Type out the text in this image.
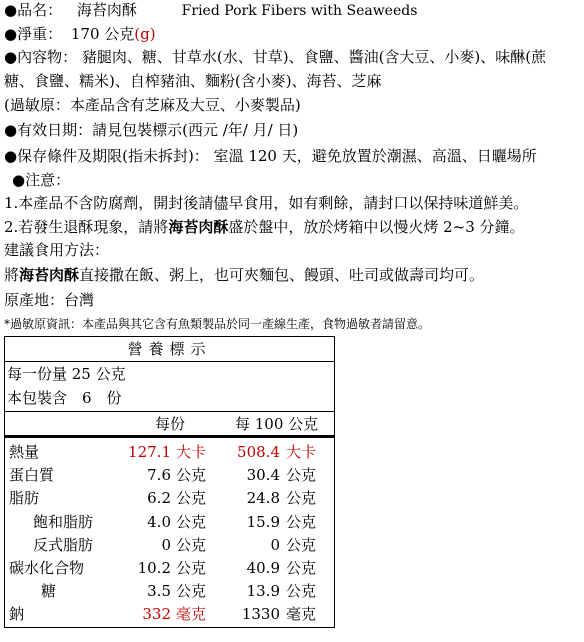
●品名： 海苔肉酥	Fried Pork Fibers with Seaweeds
●淨重： 170 公克(g)
●內容物： 豬腿肉、糖、甘草水(水、甘草)、食鹽、醬油(含大豆、小麥)、味醂(蔗
糖、食鹽、糯米)、自榨豬油、麵粉(含小麥)、海苔、芝麻
(過敏原：本產品含有芝麻及大豆、小麥製品)
●有效日期：請見包裝標示(西元 /年/ 月/ 日)
●保存條件及期限(指未拆封)： 室溫 120 天，避免放置於潮濕、高溫、日曬場所
●注意：
1.本產品不含防腐劑，開封後請儘早食用，如有剩餘，請封口以保持味道鮮美。
2.若發生退酥現象，請將海苔肉酥盛於盤中，放於烤箱中以慢火烤 2~3 分鐘。
建議食用方法：
將海苔肉酥直接撒在飯、粥上，也可夾麵包、饅頭、吐司或做壽司均可。
原產地：台灣
*過敏原資訊：本產品與其它含有魚類製品於同一產線生產，食物過敏者請留意。
營養標示
每一份量 25 公克
本包裝含　6　份
每份	每 100 公克
熱量	127.1 大卡	508.4 大卡
蛋白質	7.6 公克	30.4 公克
脂肪	6.2 公克	24.8 公克
飽和脂肪	4.0 公克	15.9 公克
反式脂肪	0 公克	0 公克
碳水化合物	10.2 公克	40.9 公克
糖	3.5 公克	13.9 公克
鈉	332 毫克	1330 毫克
